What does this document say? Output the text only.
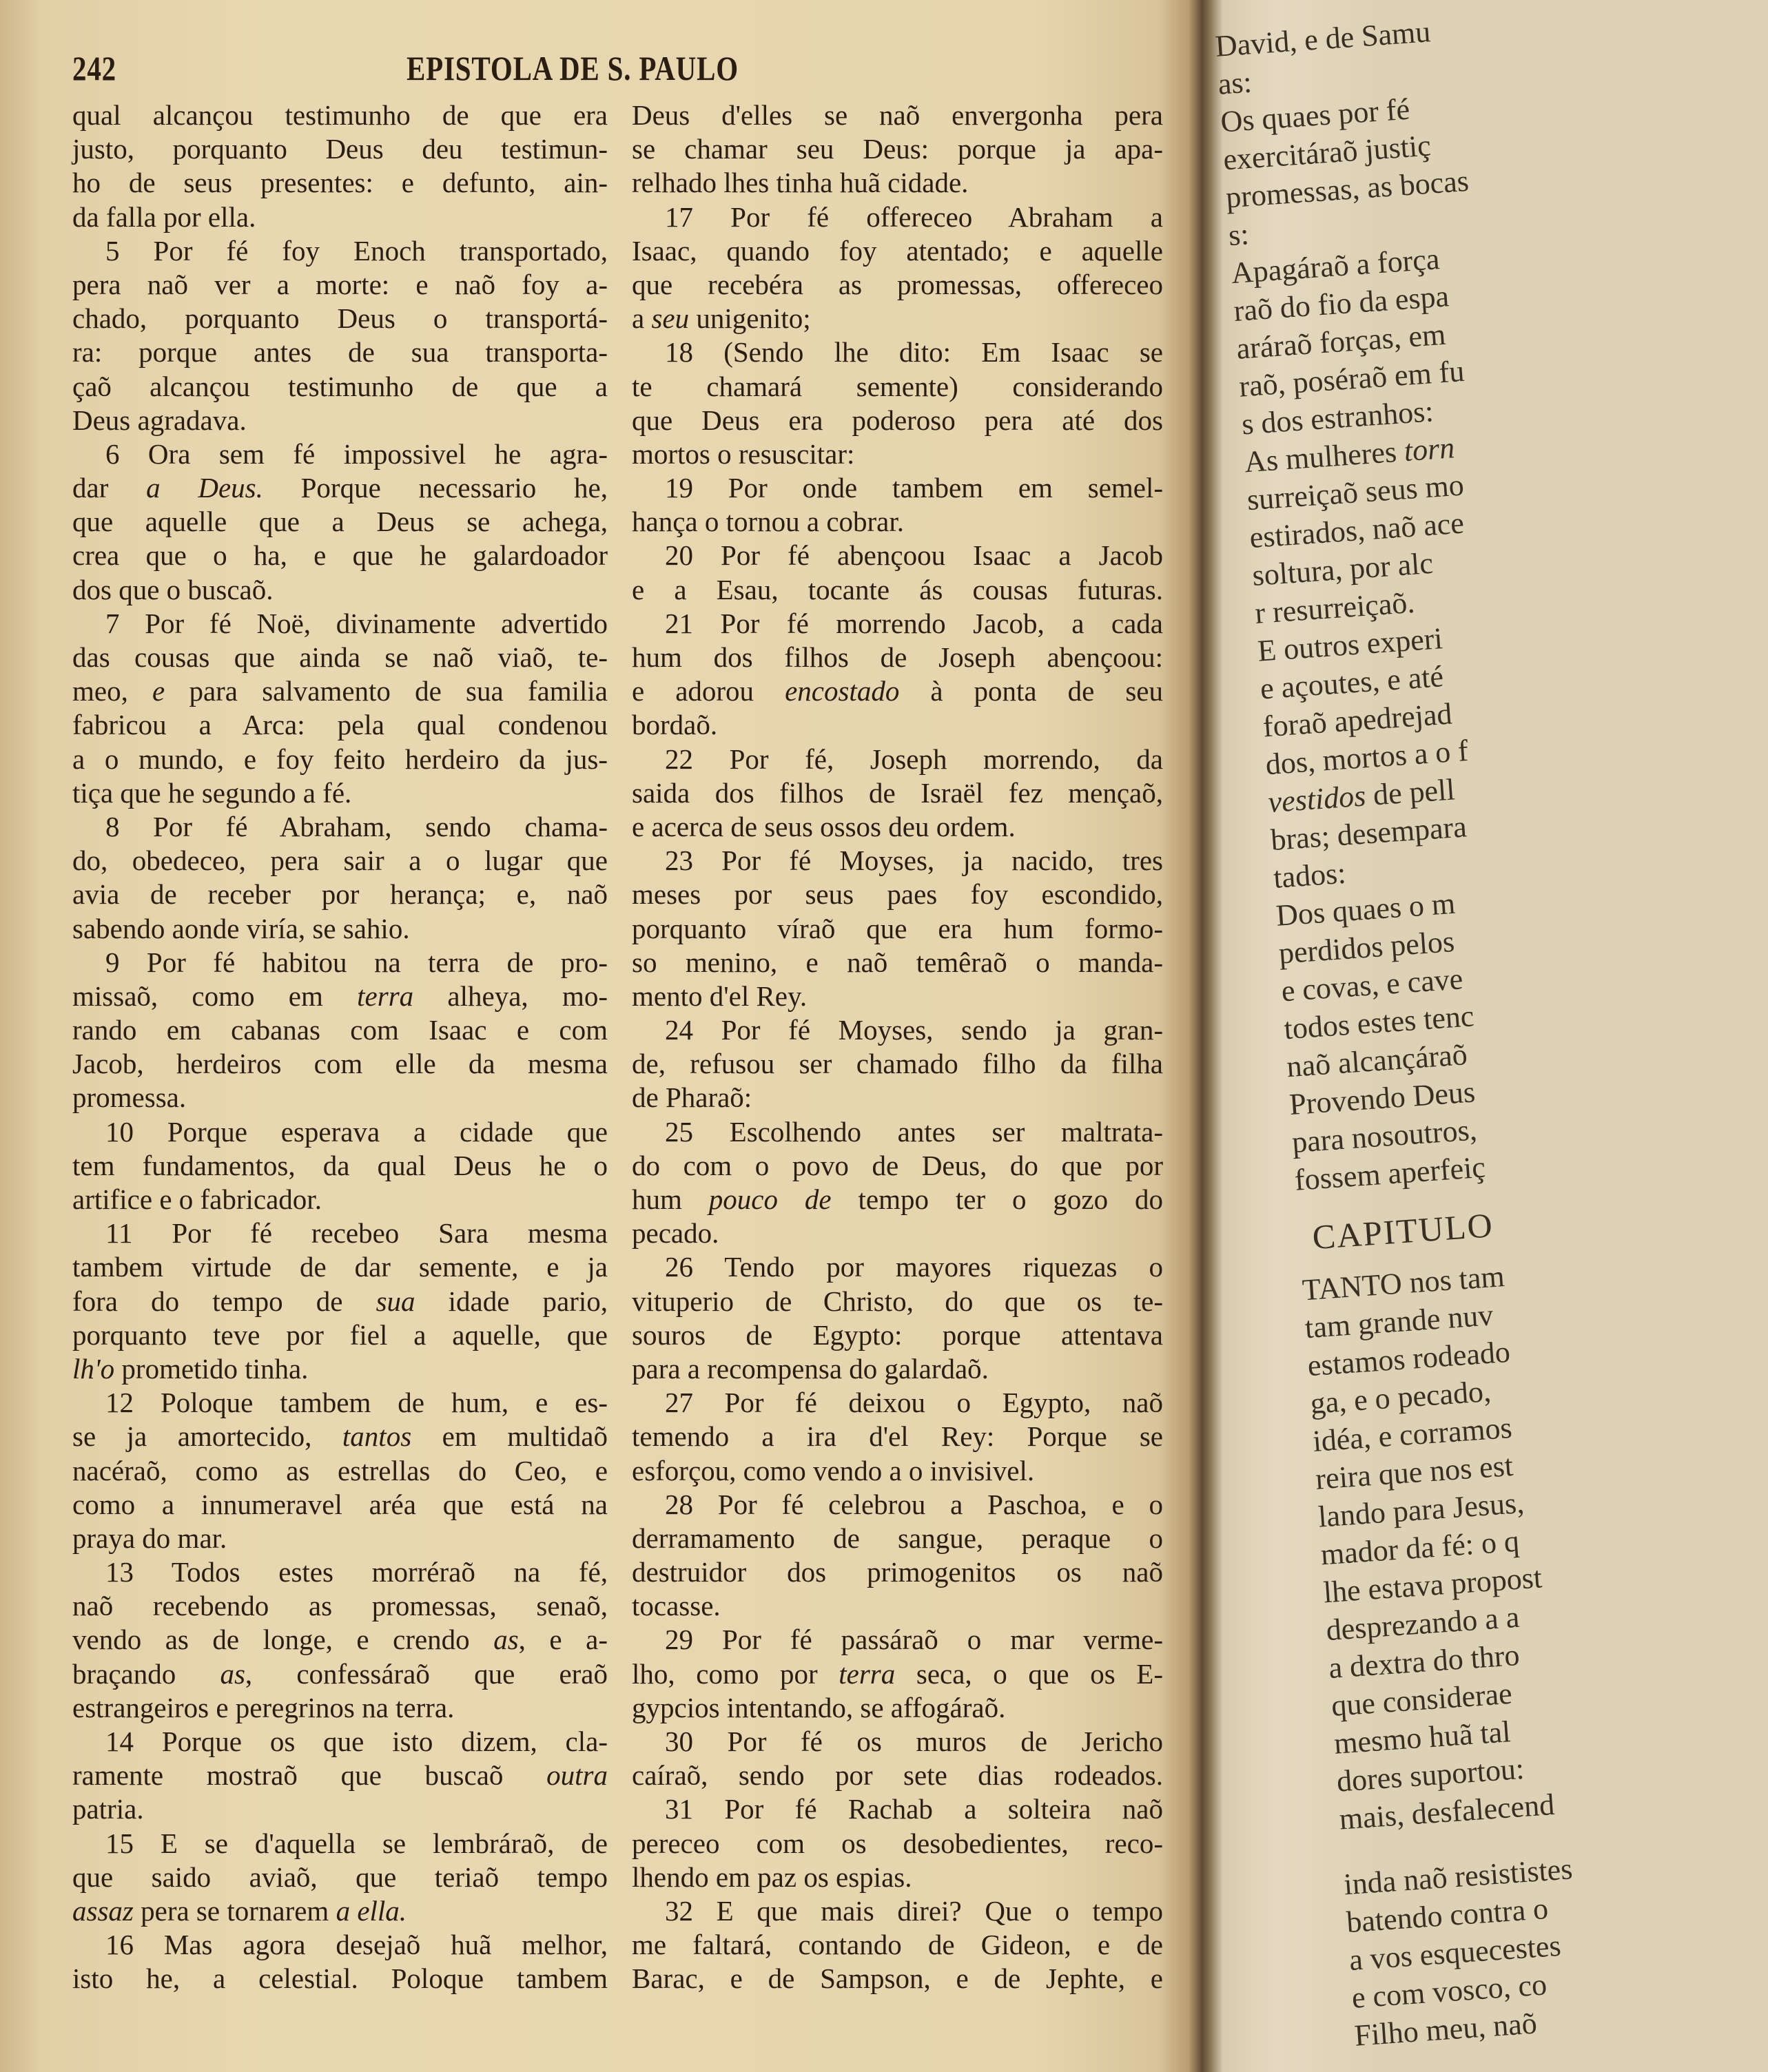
242	EPISTOLA DE S. PAULO
qual alcançou testimunho de que era
justo, porquanto Deus deu testimun-
ho de seus presentes: e defunto, ain-
da falla por ella.
5 Por fé foy Enoch transportado,
pera naõ ver a morte: e naõ foy a-
chado, porquanto Deus o transportá-
ra: porque antes de sua transporta-
çaõ alcançou testimunho de que a
Deus agradava.
6 Ora sem fé impossivel he agra-
dar a Deus. Porque necessario he,
que aquelle que a Deus se achega,
crea que o ha, e que he galardoador
dos que o buscaõ.
7 Por fé Noë, divinamente advertido
das cousas que ainda se naõ viaõ, te-
meo, e para salvamento de sua familia
fabricou a Arca: pela qual condenou
a o mundo, e foy feito herdeiro da jus-
tiça que he segundo a fé.
8 Por fé Abraham, sendo chama-
do, obedeceo, pera sair a o lugar que
avia de receber por herança; e, naõ
sabendo aonde viría, se sahio.
9 Por fé habitou na terra de pro-
missaõ, como em terra alheya, mo-
rando em cabanas com Isaac e com
Jacob, herdeiros com elle da mesma
promessa.
10 Porque esperava a cidade que
tem fundamentos, da qual Deus he o
artifice e o fabricador.
11 Por fé recebeo Sara mesma
tambem virtude de dar semente, e ja
fora do tempo de sua idade pario,
porquanto teve por fiel a aquelle, que
lh'o prometido tinha.
12 Poloque tambem de hum, e es-
se ja amortecido, tantos em multidaõ
nacéraõ, como as estrellas do Ceo, e
como a innumeravel aréa que está na
praya do mar.
13 Todos estes morréraõ na fé,
naõ recebendo as promessas, senaõ,
vendo as de longe, e crendo as, e a-
braçando as, confessáraõ que eraõ
estrangeiros e peregrinos na terra.
14 Porque os que isto dizem, cla-
ramente mostraõ que buscaõ outra
patria.
15 E se d'aquella se lembráraõ, de
que saido aviaõ, que teriaõ tempo
assaz pera se tornarem a ella.
16 Mas agora desejaõ huã melhor,
isto he, a celestial. Poloque tambem
Deus d'elles se naõ envergonha pera
se chamar seu Deus: porque ja apa-
relhado lhes tinha huã cidade.
17 Por fé offereceo Abraham a
Isaac, quando foy atentado; e aquelle
que recebéra as promessas, offereceo
a seu unigenito;
18 (Sendo lhe dito: Em Isaac se
te chamará semente) considerando
que Deus era poderoso pera até dos
mortos o resuscitar:
19 Por onde tambem em semel-
hança o tornou a cobrar.
20 Por fé abençoou Isaac a Jacob
e a Esau, tocante ás cousas futuras.
21 Por fé morrendo Jacob, a cada
hum dos filhos de Joseph abençoou:
e adorou encostado à ponta de seu
bordaõ.
22 Por fé, Joseph morrendo, da
saida dos filhos de Israël fez mençaõ,
e acerca de seus ossos deu ordem.
23 Por fé Moyses, ja nacido, tres
meses por seus paes foy escondido,
porquanto víraõ que era hum formo-
so menino, e naõ temêraõ o manda-
mento d'el Rey.
24 Por fé Moyses, sendo ja gran-
de, refusou ser chamado filho da filha
de Pharaõ:
25 Escolhendo antes ser maltrata-
do com o povo de Deus, do que por
hum pouco de tempo ter o gozo do
pecado.
26 Tendo por mayores riquezas o
vituperio de Christo, do que os te-
souros de Egypto: porque attentava
para a recompensa do galardaõ.
27 Por fé deixou o Egypto, naõ
temendo a ira d'el Rey: Porque se
esforçou, como vendo a o invisivel.
28 Por fé celebrou a Paschoa, e o
derramamento de sangue, peraque o
destruidor dos primogenitos os naõ
tocasse.
29 Por fé passáraõ o mar verme-
lho, como por terra seca, o que os E-
gypcios intentando, se affogáraõ.
30 Por fé os muros de Jericho
caíraõ, sendo por sete dias rodeados.
31 Por fé Rachab a solteira naõ
pereceo com os desobedientes, reco-
lhendo em paz os espias.
32 E que mais direi? Que o tempo
me faltará, contando de Gideon, e de
Barac, e de Sampson, e de Jephte, e
David, e de Samu
as:
Os quaes por fé
exercitáraõ justiç
promessas, as bocas
s:
Apagáraõ a força
raõ do fio da espa
aráraõ forças, em
raõ, poséraõ em fu
s dos estranhos:
As mulheres torn
surreiçaõ seus mo
estirados, naõ ace
soltura, por alc
r resurreiçaõ.
E outros experi
e açoutes, e até
foraõ apedrejad
dos, mortos a o f
vestidos de pell
bras; desempara
tados:
Dos quaes o m
perdidos pelos
e covas, e cave
todos estes tenc
naõ alcançáraõ
Provendo Deus
para nosoutros,
fossem aperfeiç
CAPITULO
TANTO nos tam
tam grande nuv
estamos rodeado
ga, e o pecado,
idéa, e corramos
reira que nos est
lando para Jesus,
mador da fé: o q
lhe estava propost
desprezando a a
a dextra do thro
que considerae
mesmo huã tal
dores suportou:
mais, desfalecend
inda naõ resististes
batendo contra o
a vos esquecestes
e com vosco, co
Filho meu, naõ
